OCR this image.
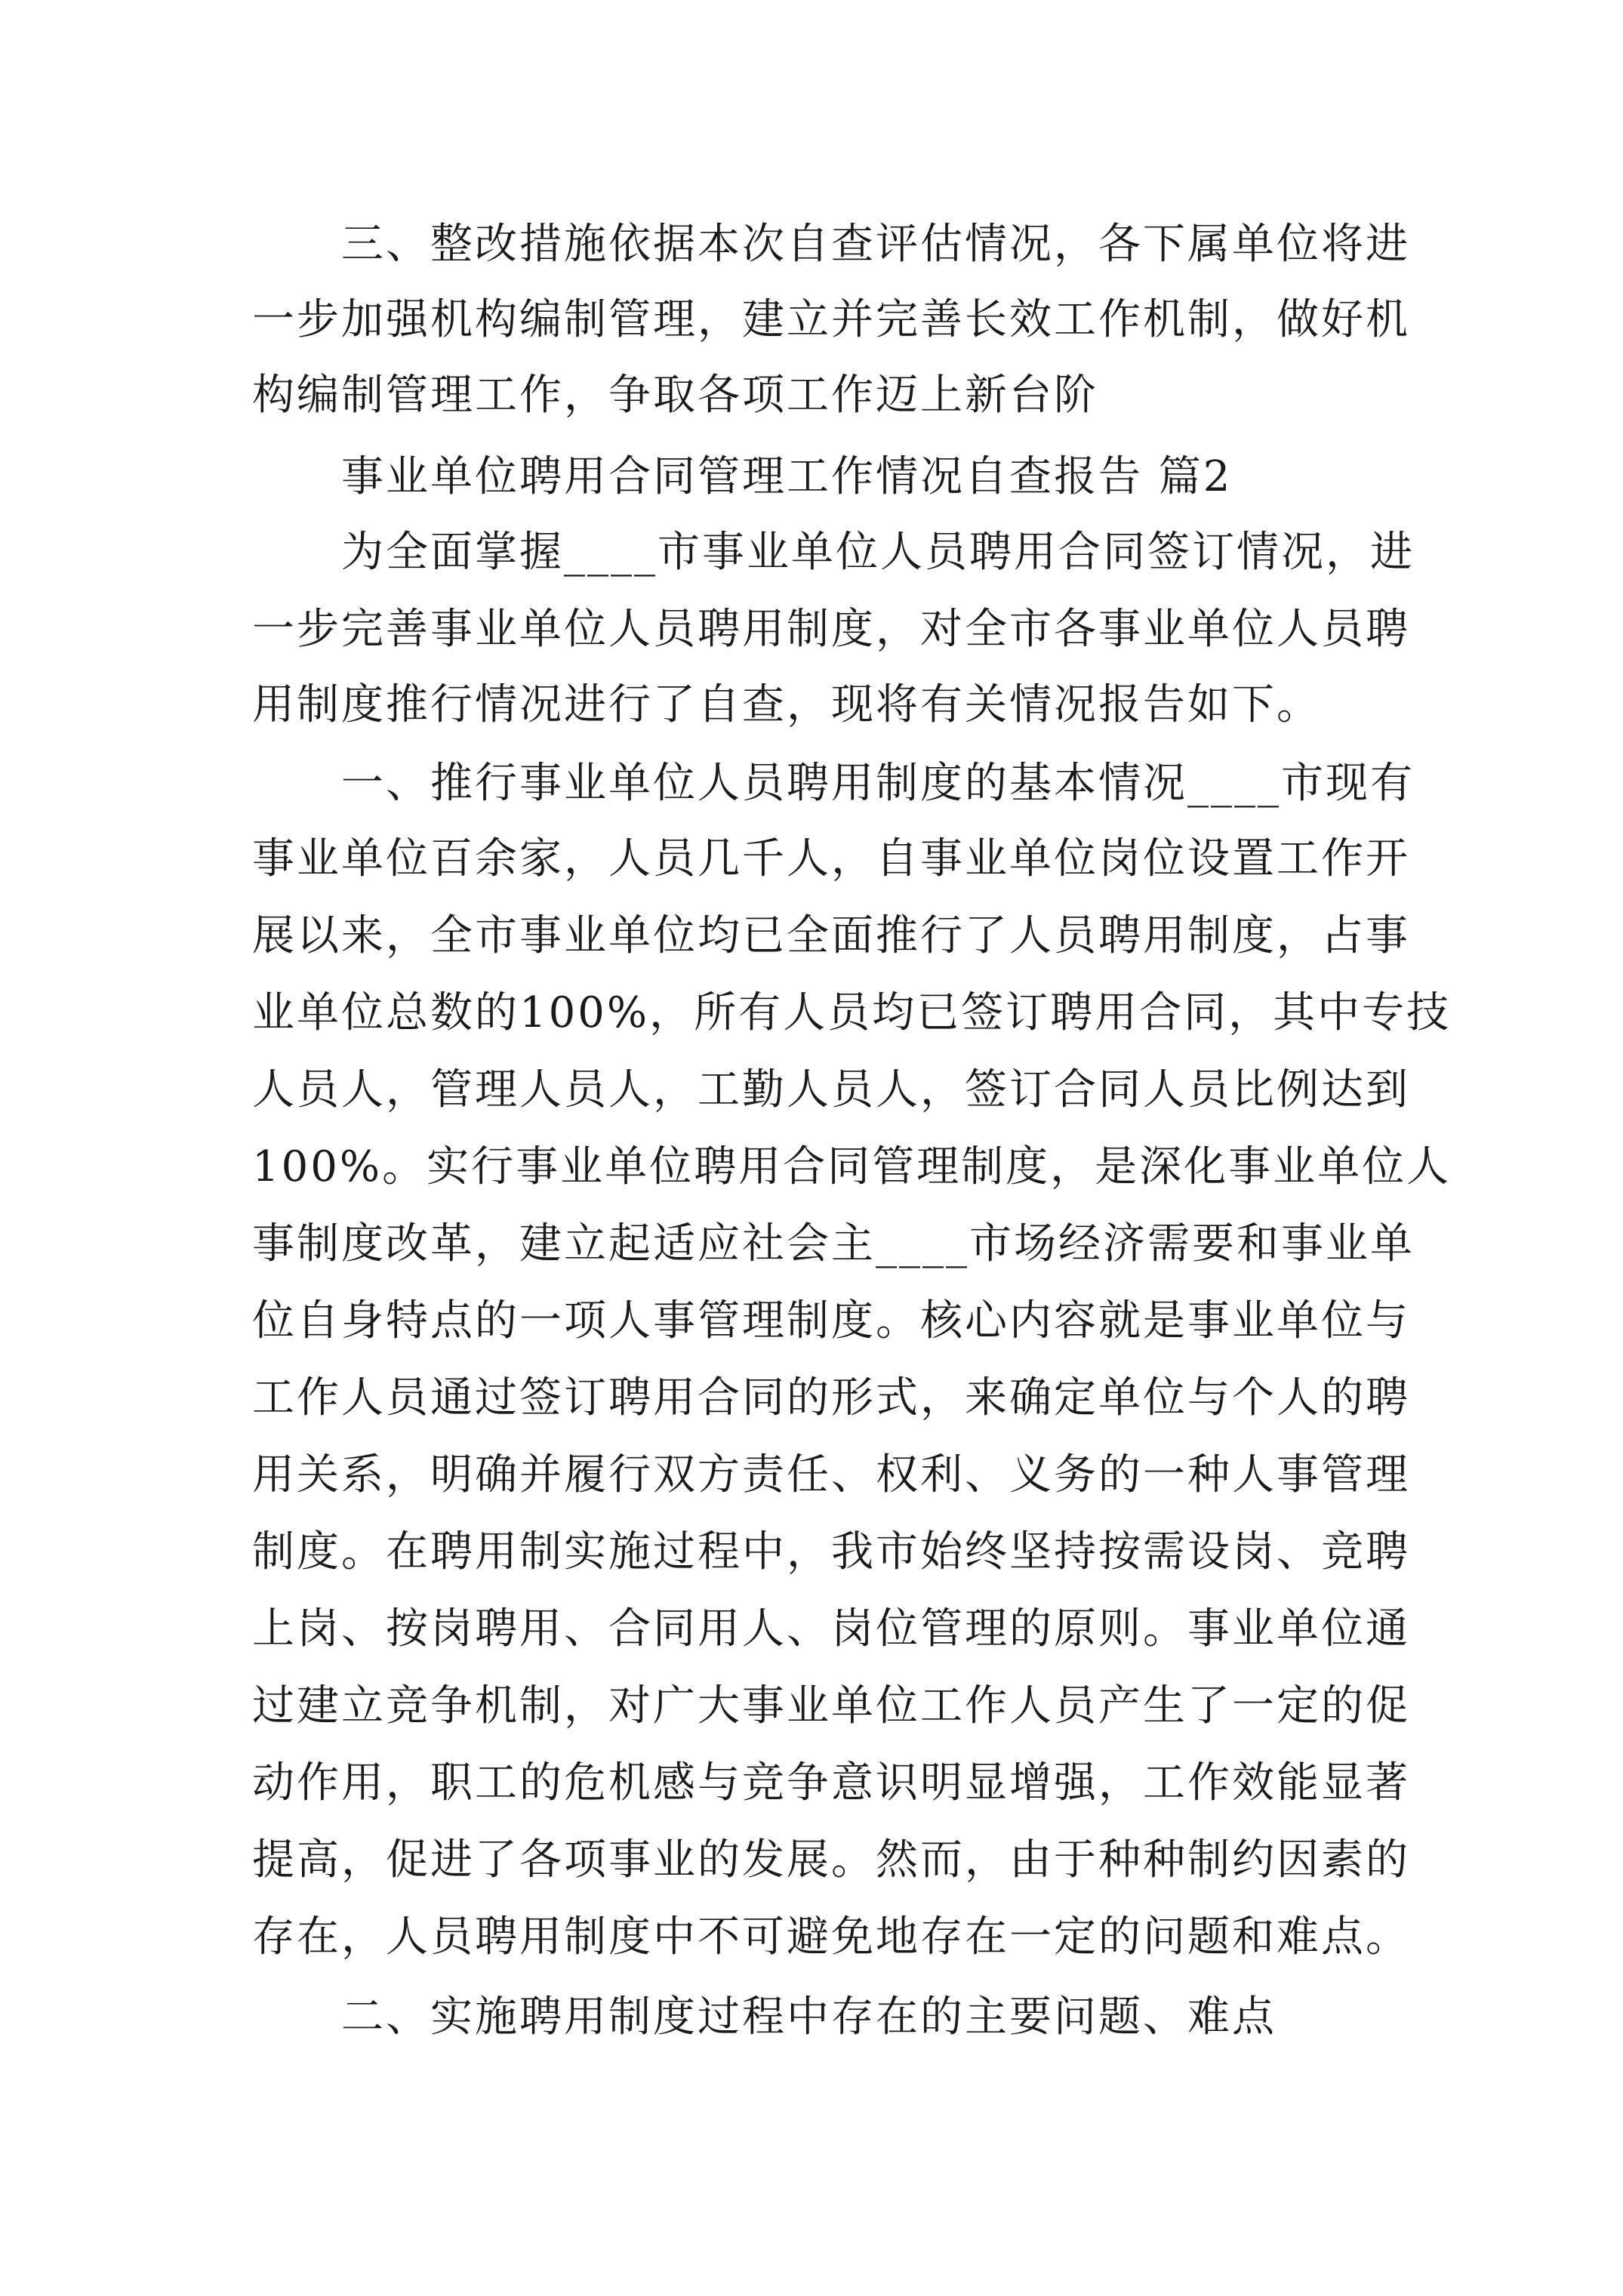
三、整改措施依据本次自查评估情况，各下属单位将进

一步加强机构编制管理，建立并完善长效工作机制，做好机

构编制管理工作，争取各项工作迈上新台阶

事业单位聘用合同管理工作情况自查报告 篇2

为全面掌握____市事业单位人员聘用合同签订情况，进

一步完善事业单位人员聘用制度，对全市各事业单位人员聘

用制度推行情况进行了自查，现将有关情况报告如下。

一、推行事业单位人员聘用制度的基本情况____市现有

事业单位百余家，人员几千人，自事业单位岗位设置工作开

展以来，全市事业单位均已全面推行了人员聘用制度，占事

业单位总数的100%，所有人员均已签订聘用合同，其中专技

人员人，管理人员人，工勤人员人，签订合同人员比例达到

100%。实行事业单位聘用合同管理制度，是深化事业单位人

事制度改革，建立起适应社会主____市场经济需要和事业单

位自身特点的一项人事管理制度。核心内容就是事业单位与

工作人员通过签订聘用合同的形式，来确定单位与个人的聘

用关系，明确并履行双方责任、权利、义务的一种人事管理

制度。在聘用制实施过程中，我市始终坚持按需设岗、竞聘

上岗、按岗聘用、合同用人、岗位管理的原则。事业单位通

过建立竞争机制，对广大事业单位工作人员产生了一定的促

动作用，职工的危机感与竞争意识明显增强，工作效能显著

提高，促进了各项事业的发展。然而，由于种种制约因素的

存在，人员聘用制度中不可避免地存在一定的问题和难点。

二、实施聘用制度过程中存在的主要问题、难点
